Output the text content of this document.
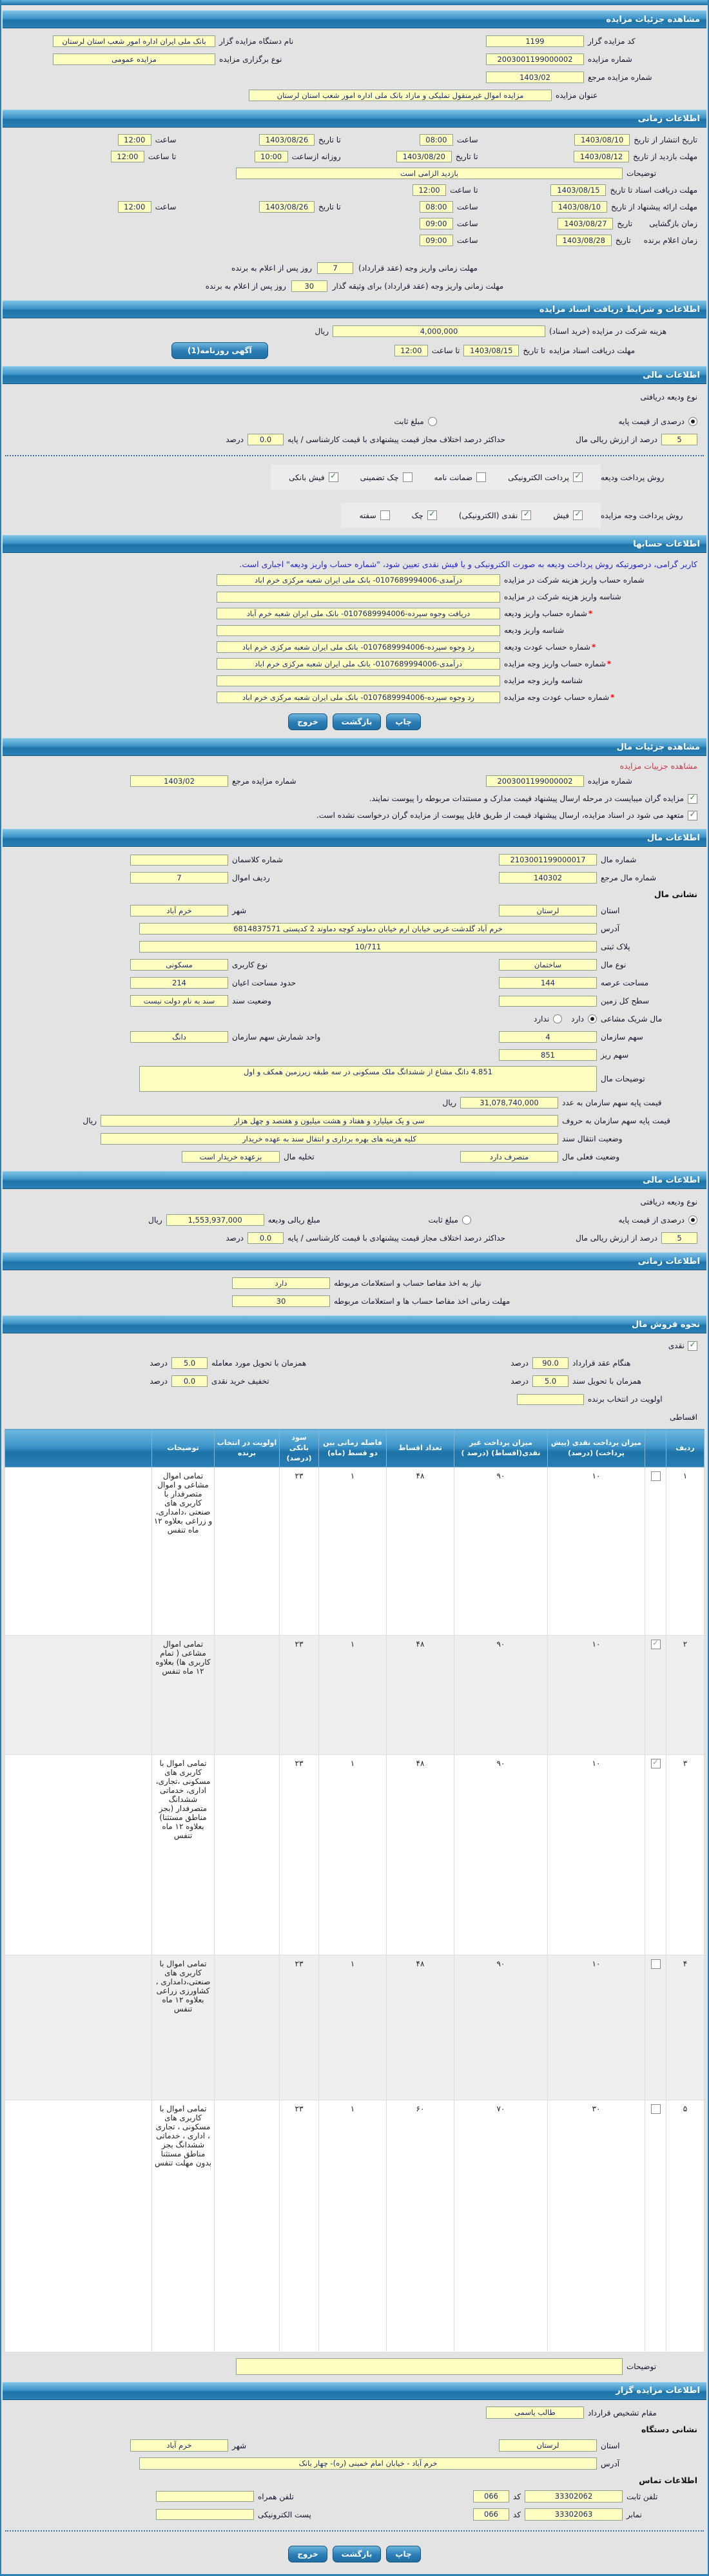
مشاهده جزئیات مزایده
کد مزایده گزار
1199
نام دستگاه مزایده گزار
بانک ملی ایران اداره امور شعب استان لرستان
شماره مزایده
2003001199000002
نوع برگزاری مزایده
مزایده عمومی
شماره مزایده مرجع
1403/02
عنوان مزایده
مزایده اموال غیرمنقول تملیکی و مازاد بانک ملی اداره امور شعب استان لرستان
اطلاعات زمانی
تاریخ انتشار از تاریخ
1403/08/10
ساعت
08:00
تا تاریخ
1403/08/26
ساعت
12:00
مهلت بازدید از تاریخ
1403/08/12
تا تاریخ
1403/08/20
روزانه ازساعت
10:00
تا ساعت
12:00
توضیحات
بازدید الزامی است
مهلت دریافت اسناد تا تاریخ
1403/08/15
تا ساعت
12:00
مهلت ارائه پیشنهاد از تاریخ
1403/08/10
ساعت
08:00
تا تاریخ
1403/08/26
ساعت
12:00
زمان بازگشایی
تاریخ
1403/08/27
ساعت
09:00
زمان اعلام برنده
تاریخ
1403/08/28
ساعت
09:00
مهلت زمانی واریز وجه (عقد قرارداد)
7
روز پس از اعلام به برنده
مهلت زمانی واریز وجه (عقد قرارداد) برای وثیقه گذار
30
روز پس از اعلام به برنده
اطلاعات و شرایط دریافت اسناد مزایده
هزینه شرکت در مزایده (خرید اسناد)
4,000,000
ریال
مهلت دریافت اسناد مزایده
تا تاریخ
1403/08/15
تا ساعت
12:00
آگهی روزنامه(1)
اطلاعات مالی
نوع ودیعه دریافتی
درصدی از قیمت پایه
مبلغ ثابت
5
درصد از ارزش ریالی مال
حداکثر درصد اختلاف مجاز قیمت پیشنهادی با قیمت کارشناسی / پایه
0.0
درصد
روش پرداخت ودیعه
✓
پرداخت الکترونیکی
ضمانت نامه
چک تضمینی
✓
فیش بانکی
روش پرداخت وجه مزایده
✓
فیش
✓
نقدی (الکترونیکی)
✓
چک
سفته
اطلاعات حسابها
کاربر گرامی، درصورتیکه روش پرداخت ودیعه به صورت الکترونیکی و یا فیش نقدی تعیین شود، "شماره حساب واریز ودیعه" اجباری است.
شماره حساب واریز هزینه شرکت در مزایده
درآمدی-0107689994006- بانک ملی ایران شعبه مرکزی خرم اباد
شناسه واریز هزینه شرکت در مزایده
*شماره حساب واریز ودیعه
دریافت وجوه سپرده-0107689994006- بانک ملی ایران شعبه خرم آباد
شناسه واریز ودیعه
*شماره حساب عودت ودیعه
رد وجوه سپرده-0107689994006- بانک ملی ایران شعبه مرکزی خرم اباد
*شماره حساب واریز وجه مزایده
درآمدی-0107689994006- بانک ملی ایران شعبه مرکزی خرم اباد
شناسه واریز وجه مزایده
*شماره حساب عودت وجه مزایده
رد وجوه سپرده-0107689994006- بانک ملی ایران شعبه مرکزی خرم اباد
چاپ
بازگشت
خروج
مشاهده جزئیات مال
مشاهده جزییات مزایده
شماره مزایده
2003001199000002
شماره مزایده مرجع
1403/02
✓
مزایده گران میبایست در مرحله ارسال پیشنهاد قیمت مدارک و مستندات مربوطه را پیوست نمایند.
✓
متعهد می شود در اسناد مزایده، ارسال پیشنهاد قیمت از طریق فایل پیوست از مزایده گران درخواست نشده است.
اطلاعات مال
شماره مال
2103001199000017
شماره کلاسمان
شماره مال مرجع
140302
ردیف اموال
7
نشانی مال
استان
لرستان
شهر
خرم آباد
آدرس
خرم آباد گلدشت غربی خیابان ارم خیابان دماوند کوچه دماوند 2 کدپستی 6814837571
پلاک ثبتی
10/711
نوع مال
ساختمان
نوع کاربری
مسکونی
مساحت عرصه
144
حدود مساحت اعیان
214
سطح کل زمین
وضعیت سند
سند به نام دولت نیست
مال شریک مشاعی
دارد
ندارد
سهم سازمان
4
واحد شمارش سهم سازمان
دانگ
سهم ریز
851
توضیحات مال
4.851 دانگ مشاع از ششدانگ ملک مسکونی در سه طبقه زیرزمین همکف و اول
قیمت پایه سهم سازمان به عدد
31,078,740,000
ریال
قیمت پایه سهم سازمان به حروف
سی و یک میلیارد و هفتاد و هشت میلیون و هفتصد و چهل هزار
ریال
وضعیت انتقال سند
کلیه هزینه های بهره برداری و انتقال سند به عهده خریدار
وضعیت فعلی مال
متصرف دارد
تخلیه مال
برعهده خریدار است
اطلاعات مالی
نوع ودیعه دریافتی
درصدی از قیمت پایه
مبلغ ثابت
مبلغ ریالی ودیعه
1,553,937,000
ریال
5
درصد از ارزش ریالی مال
حداکثر درصد اختلاف مجاز قیمت پیشنهادی با قیمت کارشناسی / پایه
0.0
درصد
اطلاعات زمانی
نیاز به اخذ مفاصا حساب و استعلامات مربوطه
دارد
مهلت زمانی اخذ مفاصا حساب ها و استعلامات مربوطه
30
نحوه فروش مال
✓
نقدی
هنگام عقد قرارداد
90.0
درصد
همزمان با تحویل مورد معامله
5.0
درصد
همزمان با تحویل سند
5.0
درصد
تخفیف خرید نقدی
0.0
درصد
اولویت در انتخاب برنده
اقساطی
ردیف		میزان پرداخت نقدی (پیش پرداخت) (درصد)	میزان پرداخت غیر نقدی(اقساط) (درصد )	تعداد اقساط	فاصله زمانی بین دو قسط (ماه)	سود بانکی (درصد)	اولویت در انتخاب برنده	توضیحات	
۱		۱۰	۹۰	۴۸	۱	۲۳		تمامی اموال مشاعی و اموال متصرفدار با کاربری های صنعتی ،دامداری، و زراعی بعلاوه ۱۲ ماه تنفس	
۲	✓	۱۰	۹۰	۴۸	۱	۲۳		تمامی اموال مشاعی ( تمام کاربری ها) بعلاوه ۱۲ ماه تنفس	
۳	✓	۱۰	۹۰	۴۸	۱	۲۳		تمامی اموال با کاربری های مسکونی ،تجاری، اداری، خدماتی ششدانگ متصرفدار (بجز مناطق مستثنا) بعلاوه ۱۲ ماه تنفس	
۴		۱۰	۹۰	۴۸	۱	۲۳		تمامی اموال با کاربری های صنعتی،دامداری ، کشاورزی زراعی بعلاوه ۱۲ ماه تنفس	
۵		۳۰	۷۰	۶۰	۱	۲۳		تمامی اموال با کاربری های مسکونی ، تجاری ، اداری ، خدماتی ششدانگ بجز مناطق مستثنا بدون مهلت تنفس	
توضیحات
اطلاعات مزایده گزار
مقام تشخیص قرارداد
طالب یاسمی
نشانی دستگاه
استان
لرستان
شهر
خرم آباد
آدرس
خرم آباد - خیابان امام خمینی (ره)- چهار بانک
اطلاعات تماس
تلفن ثابت
33302062
کد
066
تلفن همراه
نمابر
33302063
کد
066
پست الکترونیکی
چاپ
بازگشت
خروج
